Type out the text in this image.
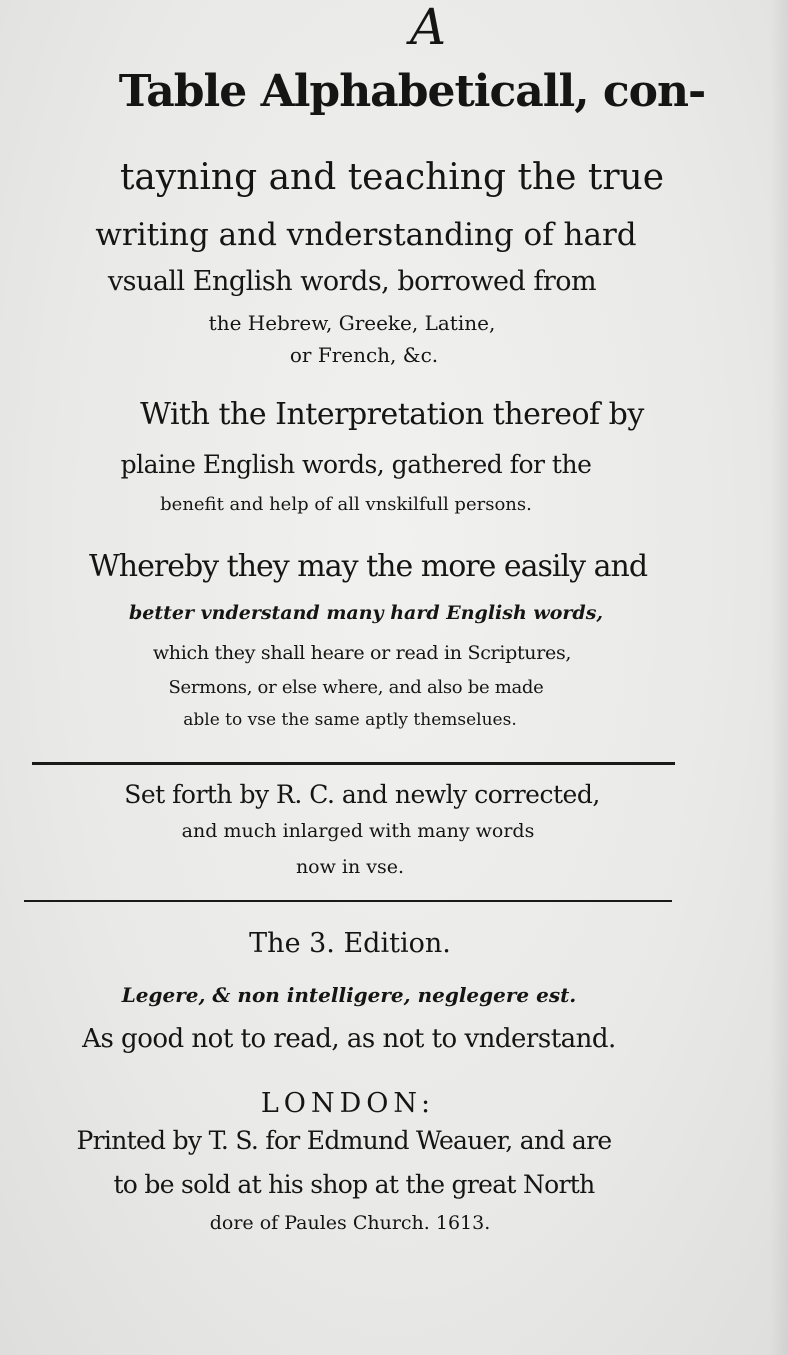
A
Table Alphabeticall, con-
tayning and teaching the true
writing and vnderstanding of hard
vsuall English words, borrowed from
the Hebrew, Greeke, Latine,
or French, &c.
With the Interpretation thereof by
plaine English words, gathered for the
benefit and help of all vnskilfull persons.
Whereby they may the more easily and
better vnderstand many hard English words,
which they shall heare or read in Scriptures,
Sermons, or else where, and also be made
able to vse the same aptly themselues.
Set forth by R. C. and newly corrected,
and much inlarged with many words
now in vse.
The 3. Edition.
Legere, & non intelligere, neglegere est.
As good not to read, as not to vnderstand.
LONDON:
Printed by T. S. for Edmund Weauer, and are
to be sold at his shop at the great North
dore of Paules Church. 1613.
